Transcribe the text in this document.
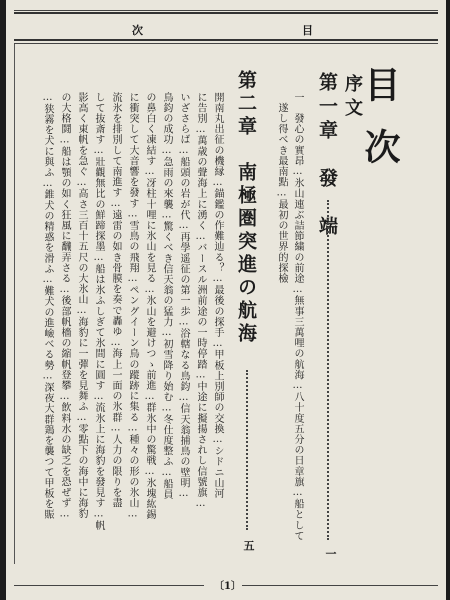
次	目
目次
序文
第一章　發　端
一
一　發心の實昂…氷山連ぶ詰節繍の前途…無事三萬哩の航海…八十度五分の日章旗…船として
　遂し得べき最南點…最初の世界的探檢
第二章　南極圏突進の航海
五
開南丸出征の機縁…錨鑑の作難辿る？…最後の探手…甲板上別師の交換…シドニ山河
に告別…萬歳の聲海上に湧く…バースル洲前途の一時停踏…中途に擬揚されし信號旗…
いざさらば…船頭の岩が代…再學遥征の第一歩…浴轄なる鳥鈞…信天翁捕鳥の壁明…
鳥鈞の成功…急雨の來襲…驚くべき信天翁の猛力…初雪降り始む…冬仕度整ふ…船員
の鼻白く凍結す…冴柱十哩に氷山を見る…氷山を避けつゝ前進…群氷中の驚戦…氷塊紘錫
に衝突して大音響を發す…雪鳥の飛翔…ペングイーン鳥の蹤跡に集る…種々の形の氷山…
流氷を排別して南進す…遠雷の如き骨膜を奏で轟ゆ…海上一面の氷群…人力の限りを盡
して抜斎す…壯觀無比の鮮蹄探墨…船は氷ふしぎて氷間に圓す…流氷上に海豹を發見す…帆
影高く東帆を急ぐ…高さ三百十五尺の大氷山…海豹に一彈を見舞ふ…零點下の海中に海豹
の大格鬪…船は顎の如く狂風に飜弄さる…後部帆檣の縮帆登攀…飲料水の缺乏を恐ぜず…
…狭霧を犬に與ふ…錐犬の精惑を滑ふ…難犬の進嶮べる勢…深夜大群鶏を襲つて甲板を賑
〔1〕
